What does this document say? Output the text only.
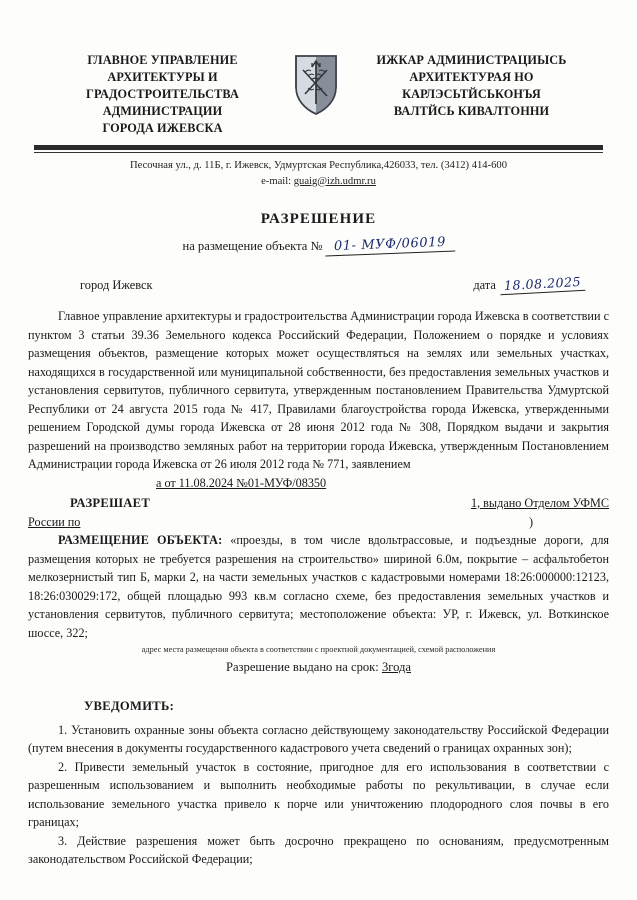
ГЛАВНОЕ УПРАВЛЕНИЕ
АРХИТЕКТУРЫ И
ГРАДОСТРОИТЕЛЬСТВА
АДМИНИСТРАЦИИ
ГОРОДА ИЖЕВСКА
ИЖКАР АДМИНИСТРАЦИЫСЬ
АРХИТЕКТУРАЯ НО
КАРЛЭСЬТЙСЬКОНЪЯ
ВАЛТЙСЬ КИВАЛТОННИ
Песочная ул., д. 11Б, г. Ижевск, Удмуртская Республика,426033, тел. (3412) 414-600
e-mail: guaig@izh.udmr.ru
РАЗРЕШЕНИЕ
на размещение объекта № 01- МУФ/06019
город Ижевск	дата 18.08.2025

Главное управление архитектуры и градостроительства Администрации города Ижевска в соответствии с пунктом 3 статьи 39.36 Земельного кодекса Российский Федерации, Положением о порядке и условиях размещения объектов, размещение которых может осуществляться на землях или земельных участках, находящихся в государственной или муниципальной собственности, без предоставления земельных участков и установления сервитутов, публичного сервитута, утвержденным постановлением Правительства Удмуртской Республики от 24 августа 2015 года № 417, Правилами благоустройства города Ижевска, утвержденными решением Городской думы города Ижевска от 28 июня 2012 года № 308, Порядком выдачи и закрытия разрешений на производство земляных работ на территории города Ижевска, утвержденным Постановлением Администрации города Ижевска от 26 июля 2012 года № 771, заявлением

а от 11.08.2024 №01-МУФ/08350

РАЗРЕШАЕТ	1, выдано Отделом УФМС
России по	)

РАЗМЕЩЕНИЕ ОБЪЕКТА: «проезды, в том числе вдольтрассовые, и подъездные дороги, для размещения которых не требуется разрешения на строительство» шириной 6.0м, покрытие – асфальтобетон мелкозернистый тип Б, марки 2, на части земельных участков с кадастровыми номерами 18:26:000000:12123, 18:26:030029:172, общей площадью 993 кв.м согласно схеме, без предоставления земельных участков и установления сервитутов, публичного сервитута; местоположение объекта: УР, г. Ижевск, ул. Воткинское шоссе, 322;

адрес места размещения объекта в соответствии с проектной документацией, схемой расположения
Разрешение выдано на срок: 3года
УВЕДОМИТЬ:

1. Установить охранные зоны объекта согласно действующему законодательству Российской Федерации (путем внесения в документы государственного кадастрового учета сведений о границах охранных зон);

2. Привести земельный участок в состояние, пригодное для его использования в соответствии с разрешенным использованием и выполнить необходимые работы по рекультивации, в случае если использование земельного участка привело к порче или уничтожению плодородного слоя почвы в его границах;

3. Действие разрешения может быть досрочно прекращено по основаниям, предусмотренным законодательством Российской Федерации;
